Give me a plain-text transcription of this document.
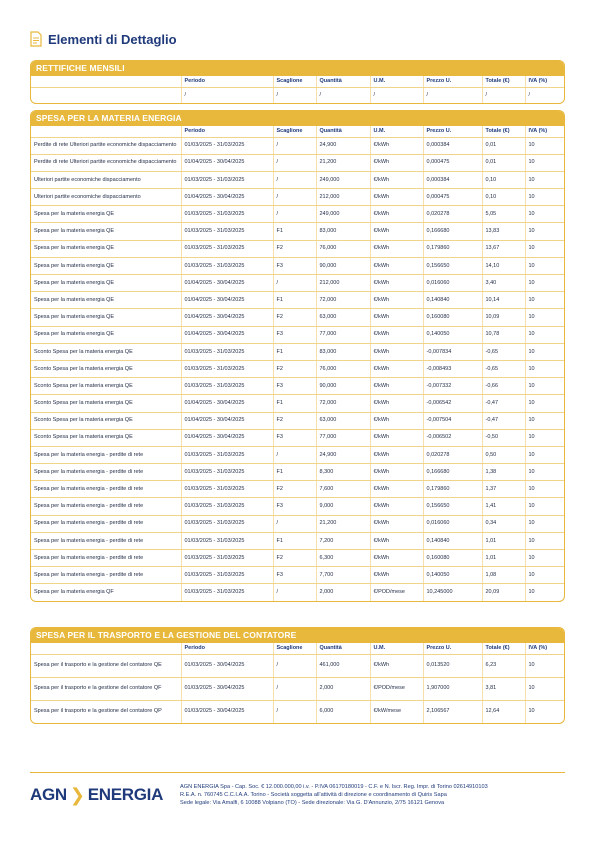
Elementi di Dettaglio
RETTIFICHE MENSILI
	Periodo	Scaglione	Quantità	U.M.	Prezzo U.	Totale (€)	IVA (%)
	/	/	/	/	/	/	/
SPESA PER LA MATERIA ENERGIA
	Periodo	Scaglione	Quantità	U.M.	Prezzo U.	Totale (€)	IVA (%)
Perdite di rete Ulteriori partite economiche dispacciamento	01/03/2025 - 31/03/2025	/	24,900	€/kWh	0,000384	0,01	10
Perdite di rete Ulteriori partite economiche dispacciamento	01/04/2025 - 30/04/2025	/	21,200	€/kWh	0,000475	0,01	10
Ulteriori partite economiche dispacciamento	01/03/2025 - 31/03/2025	/	249,000	€/kWh	0,000384	0,10	10
Ulteriori partite economiche dispacciamento	01/04/2025 - 30/04/2025	/	212,000	€/kWh	0,000475	0,10	10
Spesa per la materia energia QE	01/03/2025 - 31/03/2025	/	249,000	€/kWh	0,020278	5,05	10
Spesa per la materia energia QE	01/03/2025 - 31/03/2025	F1	83,000	€/kWh	0,166680	13,83	10
Spesa per la materia energia QE	01/03/2025 - 31/03/2025	F2	76,000	€/kWh	0,179860	13,67	10
Spesa per la materia energia QE	01/03/2025 - 31/03/2025	F3	90,000	€/kWh	0,156650	14,10	10
Spesa per la materia energia QE	01/04/2025 - 30/04/2025	/	212,000	€/kWh	0,016060	3,40	10
Spesa per la materia energia QE	01/04/2025 - 30/04/2025	F1	72,000	€/kWh	0,140840	10,14	10
Spesa per la materia energia QE	01/04/2025 - 30/04/2025	F2	63,000	€/kWh	0,160080	10,09	10
Spesa per la materia energia QE	01/04/2025 - 30/04/2025	F3	77,000	€/kWh	0,140050	10,78	10
Sconto Spesa per la materia energia QE	01/03/2025 - 31/03/2025	F1	83,000	€/kWh	-0,007834	-0,65	10
Sconto Spesa per la materia energia QE	01/03/2025 - 31/03/2025	F2	76,000	€/kWh	-0,008493	-0,65	10
Sconto Spesa per la materia energia QE	01/03/2025 - 31/03/2025	F3	90,000	€/kWh	-0,007332	-0,66	10
Sconto Spesa per la materia energia QE	01/04/2025 - 30/04/2025	F1	72,000	€/kWh	-0,006542	-0,47	10
Sconto Spesa per la materia energia QE	01/04/2025 - 30/04/2025	F2	63,000	€/kWh	-0,007504	-0,47	10
Sconto Spesa per la materia energia QE	01/04/2025 - 30/04/2025	F3	77,000	€/kWh	-0,006502	-0,50	10
Spesa per la materia energia - perdite di rete	01/03/2025 - 31/03/2025	/	24,900	€/kWh	0,020278	0,50	10
Spesa per la materia energia - perdite di rete	01/03/2025 - 31/03/2025	F1	8,300	€/kWh	0,166680	1,38	10
Spesa per la materia energia - perdite di rete	01/03/2025 - 31/03/2025	F2	7,600	€/kWh	0,179860	1,37	10
Spesa per la materia energia - perdite di rete	01/03/2025 - 31/03/2025	F3	9,000	€/kWh	0,156650	1,41	10
Spesa per la materia energia - perdite di rete	01/03/2025 - 31/03/2025	/	21,200	€/kWh	0,016060	0,34	10
Spesa per la materia energia - perdite di rete	01/03/2025 - 31/03/2025	F1	7,200	€/kWh	0,140840	1,01	10
Spesa per la materia energia - perdite di rete	01/03/2025 - 31/03/2025	F2	6,300	€/kWh	0,160080	1,01	10
Spesa per la materia energia - perdite di rete	01/03/2025 - 31/03/2025	F3	7,700	€/kWh	0,140050	1,08	10
Spesa per la materia energia QF	01/03/2025 - 31/03/2025	/	2,000	€/POD/mese	10,245000	20,09	10
SPESA PER IL TRASPORTO E LA GESTIONE DEL CONTATORE
	Periodo	Scaglione	Quantità	U.M.	Prezzo U.	Totale (€)	IVA (%)
Spesa per il trasporto e la gestione del contatore QE	01/03/2025 - 30/04/2025	/	461,000	€/kWh	0,013520	6,23	10
Spesa per il trasporto e la gestione del contatore QF	01/03/2025 - 30/04/2025	/	2,000	€/POD/mese	1,907000	3,81	10
Spesa per il trasporto e la gestione del contatore QP	01/03/2025 - 30/04/2025	/	6,000	€/kW/mese	2,106567	12,64	10
AGN ❯ ENERGIA	AGN ENERGIA Spa - Cap. Soc. € 12.000.000,00 i.v. - P.IVA 06170180019 - C.F. e N. Iscr. Reg. Impr. di Torino 02614910103
R.E.A. n. 760745 C.C.I.A.A. Torino - Società soggetta all'attività di direzione e coordinamento di Quiris Sapa
Sede legale: Via Amalfi, 6 10088 Volpiano (TO) - Sede direzionale: Via G. D'Annunzio, 2/75 16121 Genova
